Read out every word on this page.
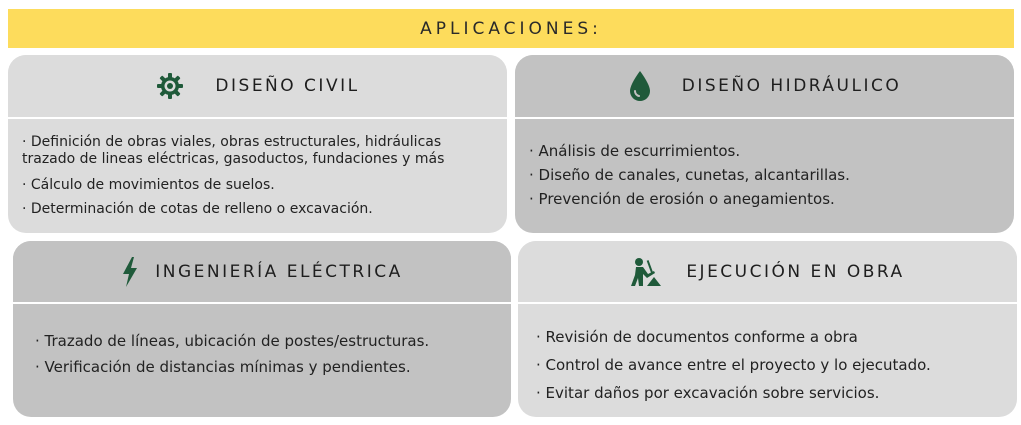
APLICACIONES:
DISEÑO CIVIL
· Definición de obras viales, obras estructurales, hidráulicas
trazado de lineas eléctricas, gasoductos, fundaciones y más
· Cálculo de movimientos de suelos.
· Determinación de cotas de relleno o excavación.
DISEÑO HIDRÁULICO
· Análisis de escurrimientos.
· Diseño de canales, cunetas, alcantarillas.
· Prevención de erosión o anegamientos.
INGENIERÍA ELÉCTRICA
· Trazado de líneas, ubicación de postes/estructuras.
· Verificación de distancias mínimas y pendientes.
EJECUCIÓN EN OBRA
· Revisión de documentos conforme a obra
· Control de avance entre el proyecto y lo ejecutado.
· Evitar daños por excavación sobre servicios.
